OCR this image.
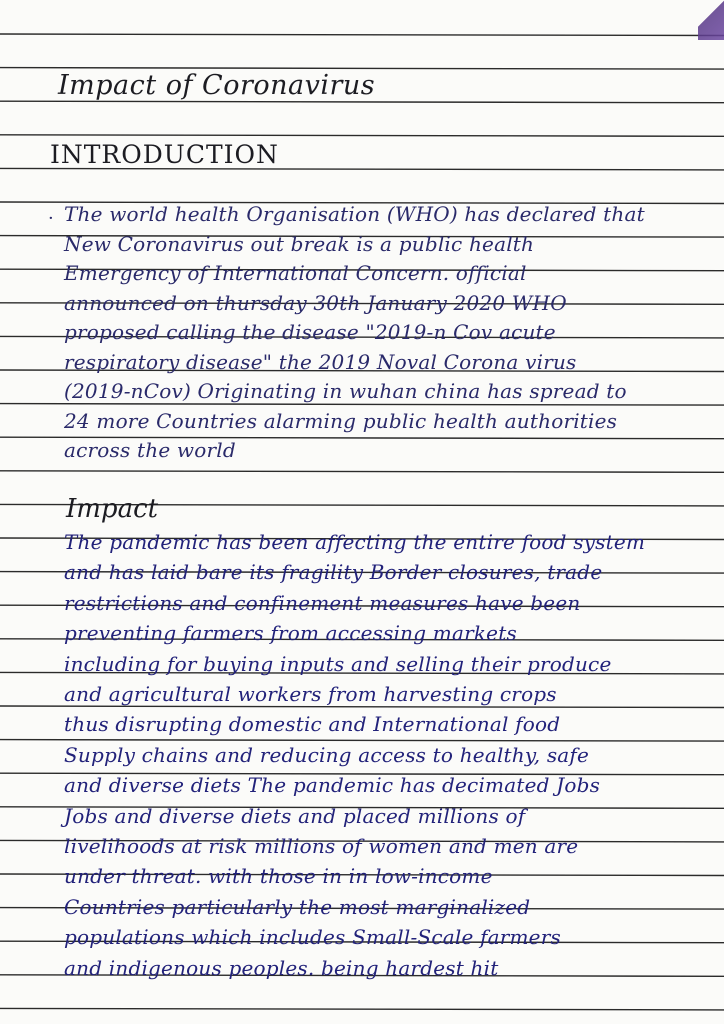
Impact of Coronavirus
INTRODUCTION
· The world health Organisation (WHO) has declared that
New Coronavirus out break is a public health
Emergency of International Concern. official
announced on thursday 30th January 2020 WHO
proposed calling the disease "2019-n Cov acute
respiratory disease" the 2019 Noval Corona virus
(2019-nCov) Originating in wuhan china has spread to
24 more Countries alarming public health authorities
across the world
Impact
The pandemic has been affecting the entire food system
and has laid bare its fragility Border closures, trade
restrictions and confinement measures have been
preventing farmers from accessing markets
including for buying inputs and selling their produce
and agricultural workers from harvesting crops
thus disrupting domestic and International food
Supply chains and reducing access to healthy, safe
and diverse diets The pandemic has decimated Jobs
Jobs and diverse diets and placed millions of
livelihoods at risk millions of women and men are
under threat. with those in in low-income
Countries particularly the most marginalized
populations which includes Small-Scale farmers
and indigenous peoples. being hardest hit
